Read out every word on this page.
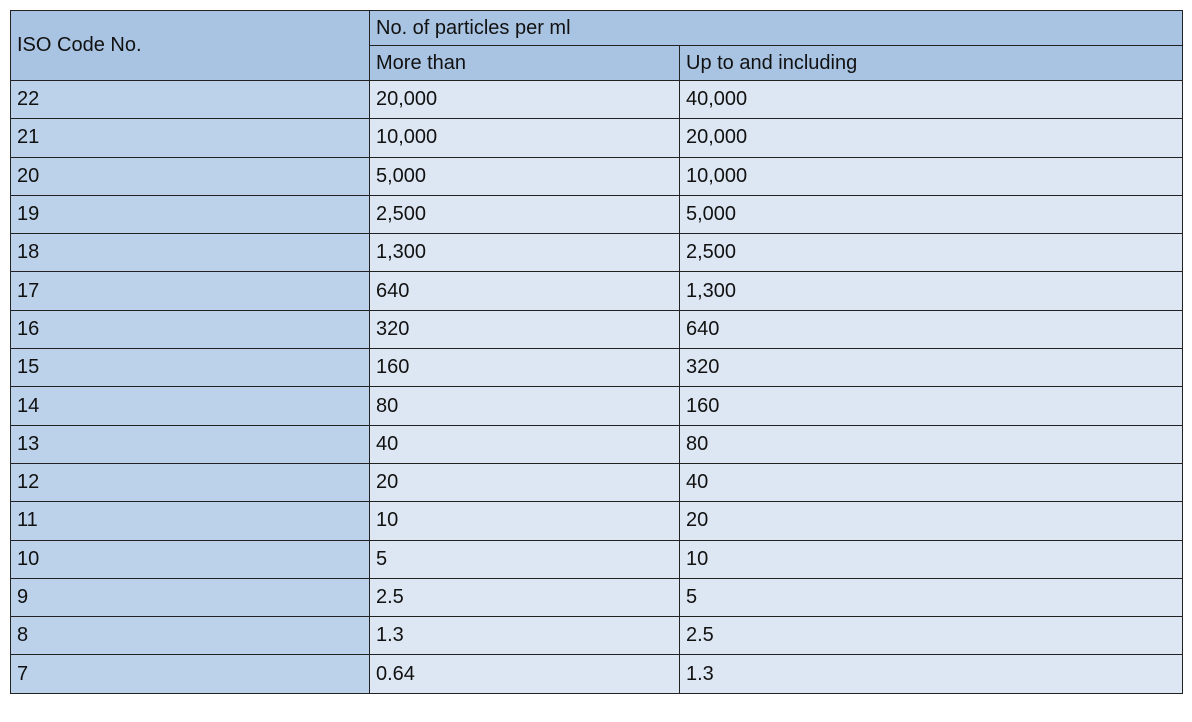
ISO Code No.	No. of particles per ml	
	More than	Up to and including
22	20,000	40,000
21	10,000	20,000
20	5,000	10,000
19	2,500	5,000
18	1,300	2,500
17	640	1,300
16	320	640
15	160	320
14	80	160
13	40	80
12	20	40
11	10	20
10	5	10
9	2.5	5
8	1.3	2.5
7	0.64	1.3
